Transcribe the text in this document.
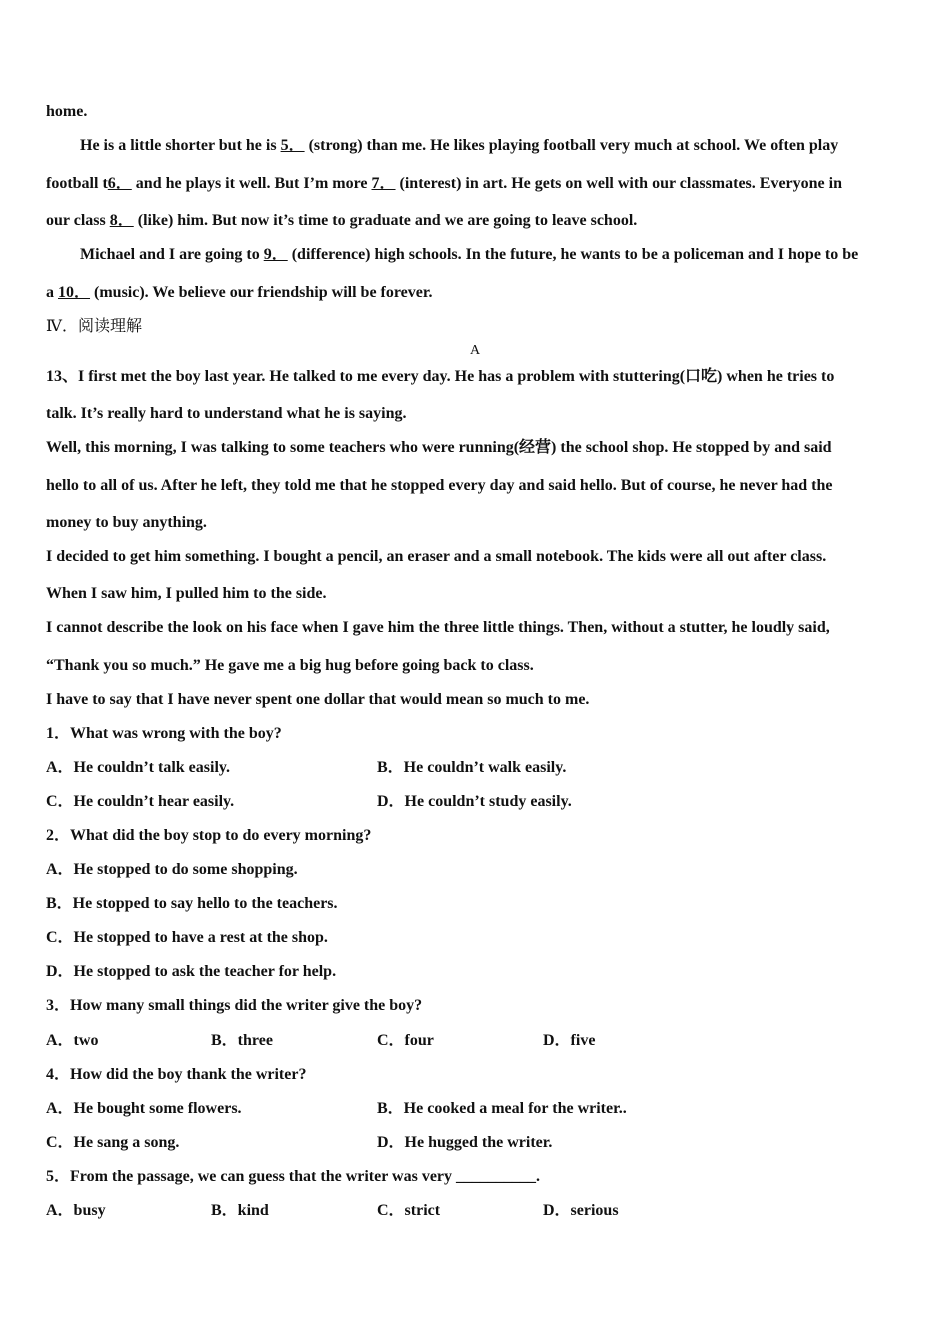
home.
He is a little shorter but he is 5． (strong) than me. He likes playing football very much at school. We often play
football t6． and he plays it well. But I’m more 7． (interest) in art. He gets on well with our classmates. Everyone in
our class 8． (like) him. But now it’s time to graduate and we are going to leave school.
Michael and I are going to 9． (difference) high schools. In the future, he wants to be a policeman and I hope to be
a 10． (music). We believe our friendship will be forever.
Ⅳ．阅读理解
A
13、I first met the boy last year. He talked to me every day. He has a problem with stuttering(口吃) when he tries to
talk. It’s really hard to understand what he is saying.
Well, this morning, I was talking to some teachers who were running(经营) the school shop. He stopped by and said
hello to all of us. After he left, they told me that he stopped every day and said hello. But of course, he never had the
money to buy anything.
I decided to get him something. I bought a pencil, an eraser and a small notebook. The kids were all out after class.
When I saw him, I pulled him to the side.
I cannot describe the look on his face when I gave him the three little things. Then, without a stutter, he loudly said,
“Thank you so much.” He gave me a big hug before going back to class.
I have to say that I have never spent one dollar that would mean so much to me.
1．What was wrong with the boy?
A．He couldn’t talk easily.	B．He couldn’t walk easily.
C．He couldn’t hear easily.	D．He couldn’t study easily.
2．What did the boy stop to do every morning?
A．He stopped to do some shopping.
B．He stopped to say hello to the teachers.
C．He stopped to have a rest at the shop.
D．He stopped to ask the teacher for help.
3．How many small things did the writer give the boy?
A．two	B．three	C．four	D．five
4．How did the boy thank the writer?
A．He bought some flowers.	B．He cooked a meal for the writer..
C．He sang a song.	D．He hugged the writer.
5．From the passage, we can guess that the writer was very __________.
A．busy	B．kind	C．strict	D．serious
